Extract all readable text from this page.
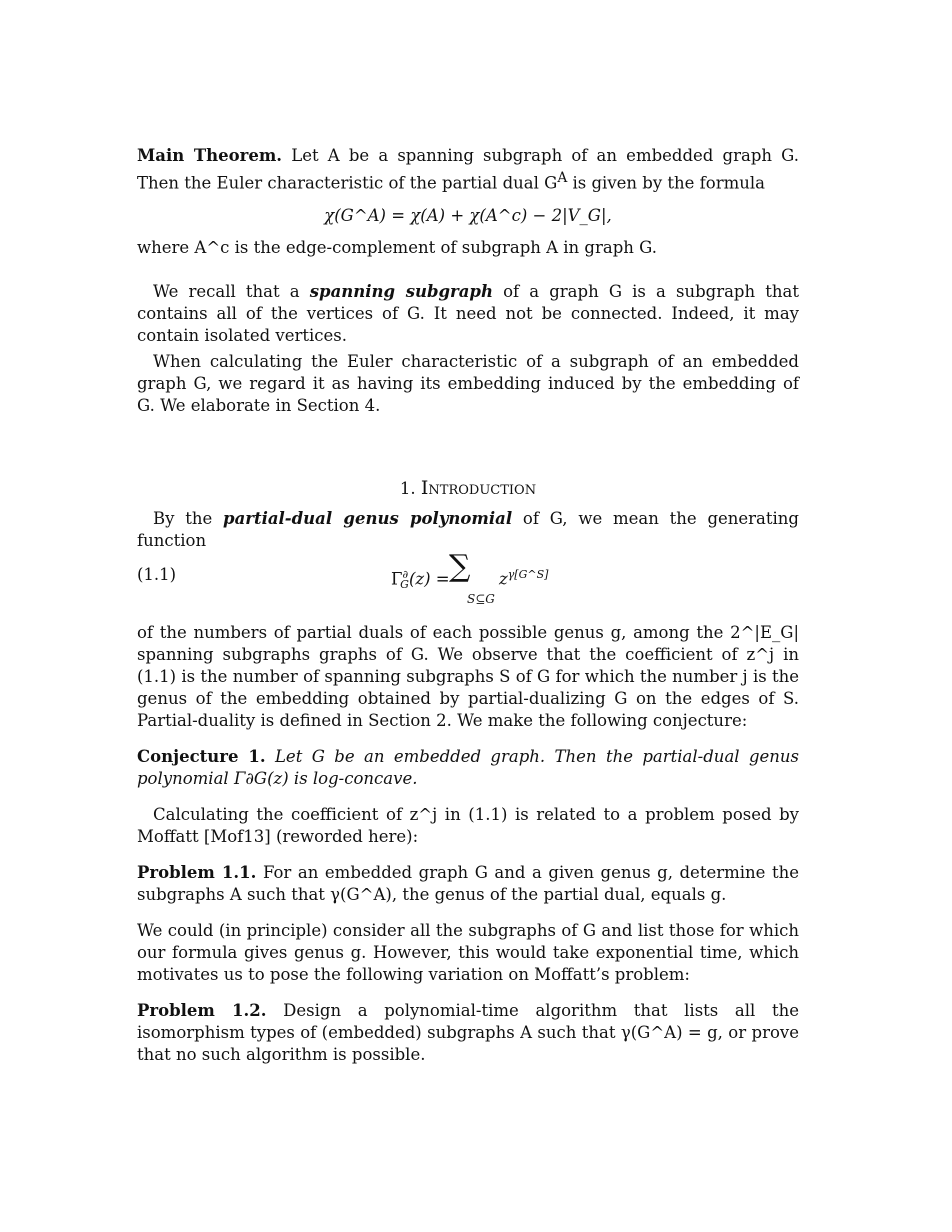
Main Theorem. Let A be a spanning subgraph of an embedded graph G. Then the Euler characteristic of the partial dual $G^A$ is given by the formula

χ(G^A) = χ(A) + χ(A^c) − 2|V_G|,

where A^c is the edge-complement of subgraph A in graph G.

We recall that a spanning subgraph of a graph G is a subgraph that contains all of the vertices of G. It need not be connected. Indeed, it may contain isolated vertices.

When calculating the Euler characteristic of a subgraph of an embedded graph G, we regard it as having its embedding induced by the embedding of G. We elaborate in Section 4.

1. Introduction

By the partial-dual genus polynomial of G, we mean the generating function

(1.1)	$\Gamma^\partial_G(z)$ = ∑ $z^{\gamma[G\^{}S]}$
S⊆G

of the numbers of partial duals of each possible genus g, among the 2^|E_G| spanning subgraphs graphs of G. We observe that the coefficient of z^j in (1.1) is the number of spanning subgraphs S of G for which the number j is the genus of the embedding obtained by partial-dualizing G on the edges of S. Partial-duality is defined in Section 2. We make the following conjecture:

Conjecture 1. Let G be an embedded graph. Then the partial-dual genus polynomial Γ∂G(z) is log-concave.

Calculating the coefficient of z^j in (1.1) is related to a problem posed by Moffatt [Mof13] (reworded here):

Problem 1.1. For an embedded graph G and a given genus g, determine the subgraphs A such that γ(G^A), the genus of the partial dual, equals g.

We could (in principle) consider all the subgraphs of G and list those for which our formula gives genus g. However, this would take exponential time, which motivates us to pose the following variation on Moffatt’s problem:

Problem 1.2. Design a polynomial-time algorithm that lists all the isomorphism types of (embedded) subgraphs A such that γ(G^A) = g, or prove that no such algorithm is possible.
